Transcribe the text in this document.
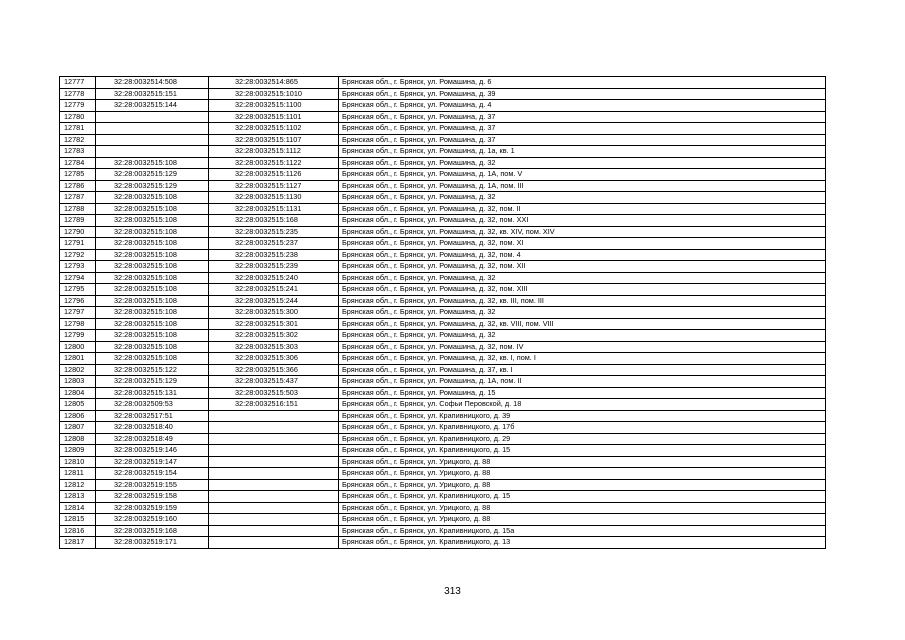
12777	32:28:0032514:508	32:28:0032514:865	Брянская обл., г. Брянск, ул. Ромашина, д. 6
12778	32:28:0032515:151	32:28:0032515:1010	Брянская обл., г. Брянск, ул. Ромашина, д. 39
12779	32:28:0032515:144	32:28:0032515:1100	Брянская обл., г. Брянск, ул. Ромашина, д. 4
12780		32:28:0032515:1101	Брянская обл., г. Брянск, ул. Ромашина, д. 37
12781		32:28:0032515:1102	Брянская обл., г. Брянск, ул. Ромашина, д. 37
12782		32:28:0032515:1107	Брянская обл., г. Брянск, ул. Ромашина, д. 37
12783		32:28:0032515:1112	Брянская обл., г. Брянск, ул. Ромашина, д. 1а, кв. 1
12784	32:28:0032515:108	32:28:0032515:1122	Брянская обл., г. Брянск, ул. Ромашина, д. 32
12785	32:28:0032515:129	32:28:0032515:1126	Брянская обл., г. Брянск, ул. Ромашина, д. 1А, пом. V
12786	32:28:0032515:129	32:28:0032515:1127	Брянская обл., г. Брянск, ул. Ромашина, д. 1А, пом. III
12787	32:28:0032515:108	32:28:0032515:1130	Брянская обл., г. Брянск, ул. Ромашина, д. 32
12788	32:28:0032515:108	32:28:0032515:1131	Брянская обл., г. Брянск, ул. Ромашина, д. 32, пом. II
12789	32:28:0032515:108	32:28:0032515:168	Брянская обл., г. Брянск, ул. Ромашина, д. 32, пом. XXI
12790	32:28:0032515:108	32:28:0032515:235	Брянская обл., г. Брянск, ул. Ромашина, д. 32, кв. XIV, пом. XIV
12791	32:28:0032515:108	32:28:0032515:237	Брянская обл., г. Брянск, ул. Ромашина, д. 32, пом. XI
12792	32:28:0032515:108	32:28:0032515:238	Брянская обл., г. Брянск, ул. Ромашина, д. 32, пом. 4
12793	32:28:0032515:108	32:28:0032515:239	Брянская обл., г. Брянск, ул. Ромашина, д. 32, пом. XII
12794	32:28:0032515:108	32:28:0032515:240	Брянская обл., г. Брянск, ул. Ромашина, д. 32
12795	32:28:0032515:108	32:28:0032515:241	Брянская обл., г. Брянск, ул. Ромашина, д. 32, пом. XIII
12796	32:28:0032515:108	32:28:0032515:244	Брянская обл., г. Брянск, ул. Ромашина, д. 32, кв. III, пом. III
12797	32:28:0032515:108	32:28:0032515:300	Брянская обл., г. Брянск, ул. Ромашина, д. 32
12798	32:28:0032515:108	32:28:0032515:301	Брянская обл., г. Брянск, ул. Ромашина, д. 32, кв. VIII, пом. VIII
12799	32:28:0032515:108	32:28:0032515:302	Брянская обл., г. Брянск, ул. Ромашина, д. 32
12800	32:28:0032515:108	32:28:0032515:303	Брянская обл., г. Брянск, ул. Ромашина, д. 32, пом. IV
12801	32:28:0032515:108	32:28:0032515:306	Брянская обл., г. Брянск, ул. Ромашина, д. 32, кв. I, пом. I
12802	32:28:0032515:122	32:28:0032515:366	Брянская обл., г. Брянск, ул. Ромашина, д. 37, кв. I
12803	32:28:0032515:129	32:28:0032515:437	Брянская обл., г. Брянск, ул. Ромашина, д. 1А, пом. II
12804	32:28:0032515:131	32:28:0032515:503	Брянская обл., г. Брянск, ул. Ромашина, д. 15
12805	32:28:0032509:53	32:28:0032516:151	Брянская обл., г. Брянск, ул. Софьи Перовской, д. 18
12806	32:28:0032517:51		Брянская обл., г. Брянск, ул. Крапивницкого, д. 39
12807	32:28:0032518:40		Брянская обл., г. Брянск, ул. Крапивницкого, д. 17б
12808	32:28:0032518:49		Брянская обл., г. Брянск, ул. Крапивницкого, д. 29
12809	32:28:0032519:146		Брянская обл., г. Брянск, ул. Крапивницкого, д. 15
12810	32:28:0032519:147		Брянская обл., г. Брянск, ул. Урицкого, д. 88
12811	32:28:0032519:154		Брянская обл., г. Брянск, ул. Урицкого, д. 88
12812	32:28:0032519:155		Брянская обл., г. Брянск, ул. Урицкого, д. 88
12813	32:28:0032519:158		Брянская обл., г. Брянск, ул. Крапивницкого, д. 15
12814	32:28:0032519:159		Брянская обл., г. Брянск, ул. Урицкого, д. 88
12815	32:28:0032519:160		Брянская обл., г. Брянск, ул. Урицкого, д. 88
12816	32:28:0032519:168		Брянская обл., г. Брянск, ул. Крапивницкого, д. 15а
12817	32:28:0032519:171		Брянская обл., г. Брянск, ул. Крапивницкого, д. 13
313
